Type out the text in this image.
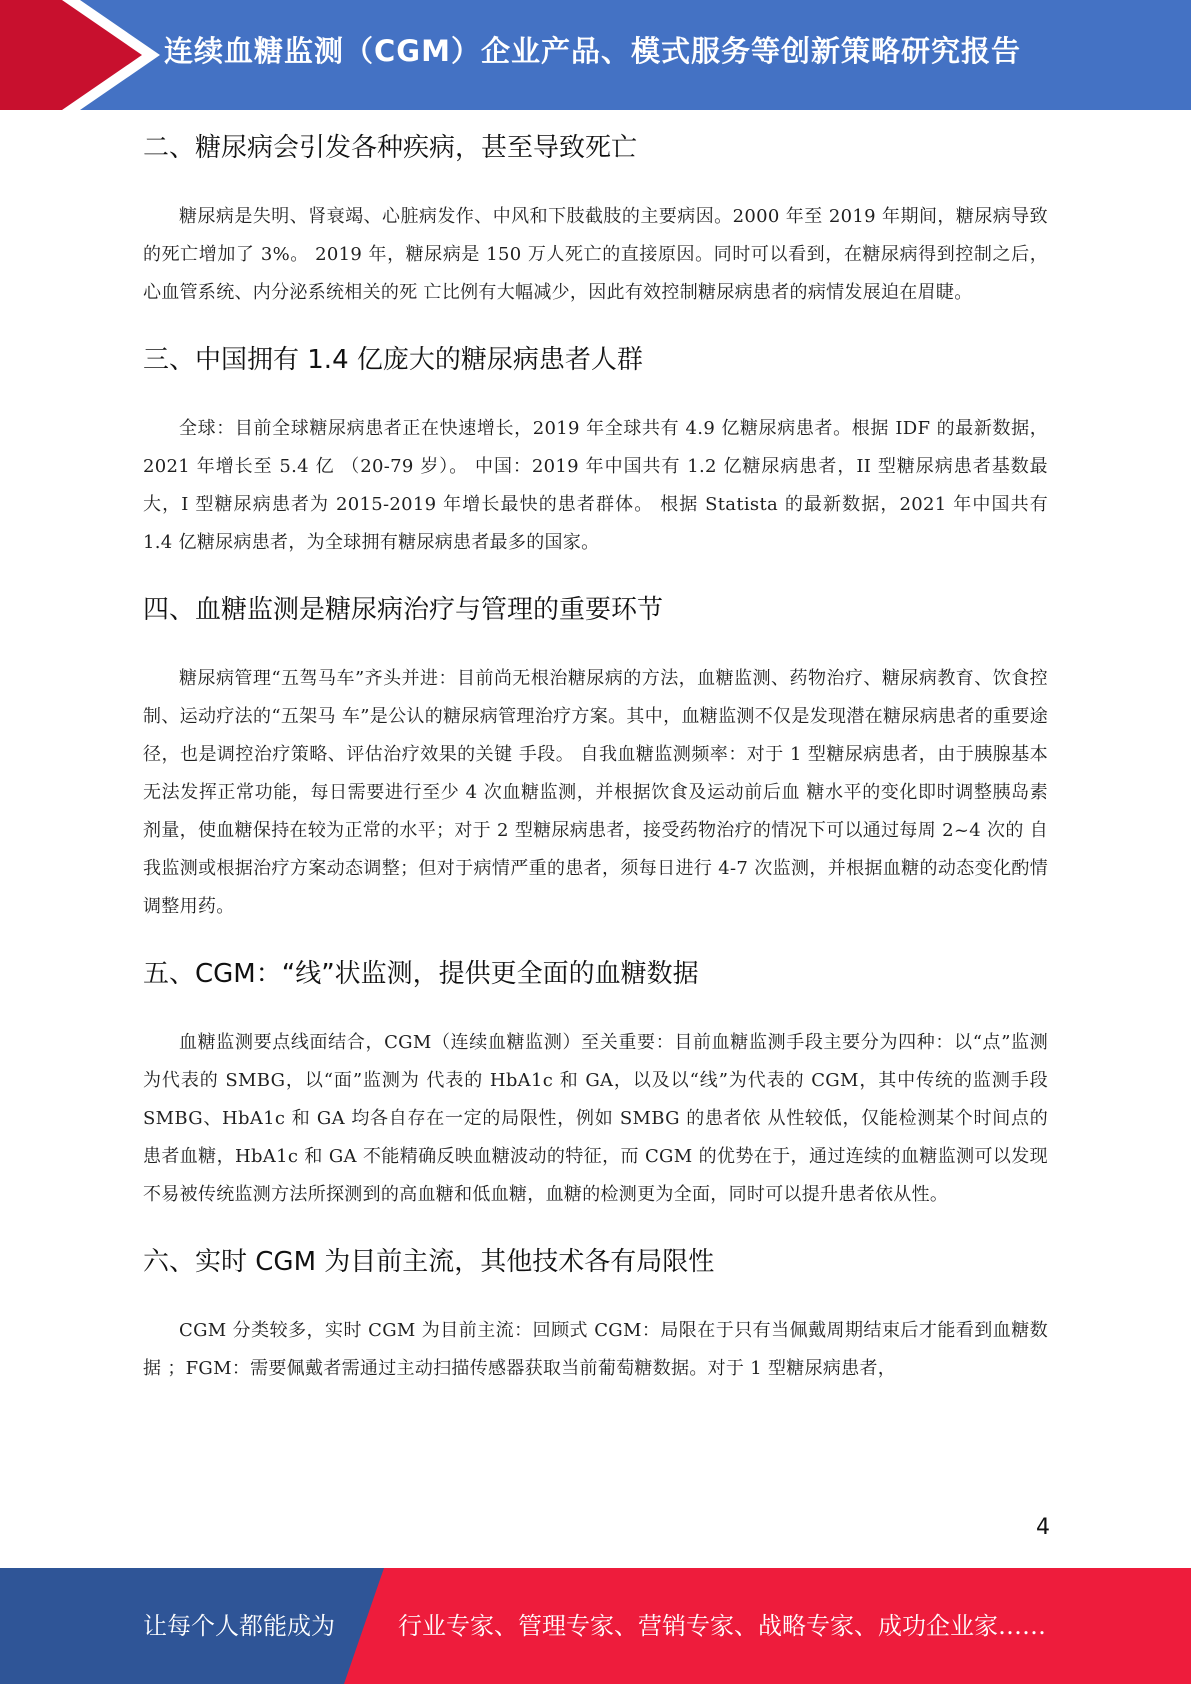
连续血糖监测（CGM）企业产品、模式服务等创新策略研究报告
二、糖尿病会引发各种疾病，甚至导致死亡

糖尿病是失明、肾衰竭、心脏病发作、中风和下肢截肢的主要病因。2000 年至 2019 年期间，糖尿病导致的死亡增加了 3%。 2019 年，糖尿病是 150 万人死亡的直接原因。同时可以看到，在糖尿病得到控制之后，心血管系统、内分泌系统相关的死 亡比例有大幅减少，因此有效控制糖尿病患者的病情发展迫在眉睫。

三、中国拥有 1.4 亿庞大的糖尿病患者人群

全球：目前全球糖尿病患者正在快速增长，2019 年全球共有 4.9 亿糖尿病患者。根据 IDF 的最新数据，2021 年增长至 5.4 亿 （20-79 岁）。 中国：2019 年中国共有 1.2 亿糖尿病患者，II 型糖尿病患者基数最大，I 型糖尿病患者为 2015-2019 年增长最快的患者群体。 根据 Statista 的最新数据，2021 年中国共有 1.4 亿糖尿病患者，为全球拥有糖尿病患者最多的国家。

四、血糖监测是糖尿病治疗与管理的重要环节

糖尿病管理“五驾马车”齐头并进：目前尚无根治糖尿病的方法，血糖监测、药物治疗、糖尿病教育、饮食控制、运动疗法的“五架马 车”是公认的糖尿病管理治疗方案。其中，血糖监测不仅是发现潜在糖尿病患者的重要途径，也是调控治疗策略、评估治疗效果的关键 手段。 自我血糖监测频率：对于 1 型糖尿病患者，由于胰腺基本无法发挥正常功能，每日需要进行至少 4 次血糖监测，并根据饮食及运动前后血 糖水平的变化即时调整胰岛素剂量，使血糖保持在较为正常的水平；对于 2 型糖尿病患者，接受药物治疗的情况下可以通过每周 2~4 次的 自我监测或根据治疗方案动态调整；但对于病情严重的患者，须每日进行 4-7 次监测，并根据血糖的动态变化酌情调整用药。

五、CGM：“线”状监测，提供更全面的血糖数据

血糖监测要点线面结合，CGM（连续血糖监测）至关重要：目前血糖监测手段主要分为四种：以“点”监测为代表的 SMBG，以“面”监测为 代表的 HbA1c 和 GA，以及以“线”为代表的 CGM，其中传统的监测手段 SMBG、HbA1c 和 GA 均各自存在一定的局限性，例如 SMBG 的患者依 从性较低，仅能检测某个时间点的患者血糖，HbA1c 和 GA 不能精确反映血糖波动的特征，而 CGM 的优势在于，通过连续的血糖监测可以发现 不易被传统监测方法所探测到的高血糖和低血糖，血糖的检测更为全面，同时可以提升患者依从性。

六、实时 CGM 为目前主流，其他技术各有局限性

CGM 分类较多，实时 CGM 为目前主流：回顾式 CGM：局限在于只有当佩戴周期结束后才能看到血糖数据 ；FGM：需要佩戴者需通过主动扫描传感器获取当前葡萄糖数据。对于 1 型糖尿病患者，

4
让每个人都能成为	行业专家、管理专家、营销专家、战略专家、成功企业家……
